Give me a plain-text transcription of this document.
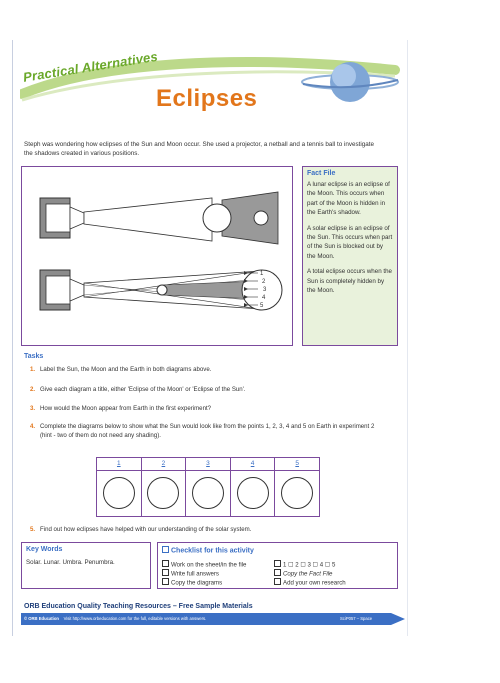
Practical Alternatives
Eclipses
Steph was wondering how eclipses of the Sun and Moon occur. She used a projector, a netball and a tennis ball to investigate the shadows created in various positions.
1
2
3
4
5
Fact File

A lunar eclipse is an eclipse of the Moon. This occurs when part of the Moon is hidden in the Earth's shadow.

A solar eclipse is an eclipse of the Sun. This occurs when part of the Sun is blocked out by the Moon.

A total eclipse occurs when the Sun is completely hidden by the Moon.

Tasks
1. Label the Sun, the Moon and the Earth in both diagrams above.
2. Give each diagram a title, either 'Eclipse of the Moon' or 'Eclipse of the Sun'.
3. How would the Moon appear from Earth in the first experiment?
4. Complete the diagrams below to show what the Sun would look like from the points 1, 2, 3, 4 and 5 on Earth in experiment 2 (hint - two of them do not need any shading).
1	2	3	4	5
5. Find out how eclipses have helped with our understanding of the solar system.
Key Words
Solar. Lunar. Umbra. Penumbra.
Checklist for this activity
Work on the sheet/in the file
Write full answers
Copy the diagrams
1 ☐ 2 ☐ 3 ☐ 4 ☐ 5
Copy the Fact File
Add your own research
ORB Education Quality Teaching Resources – Free Sample Materials
© ORB Education Visit http://www.orbeducation.com for the full, editable versions with answers.	SciP057 – Space
